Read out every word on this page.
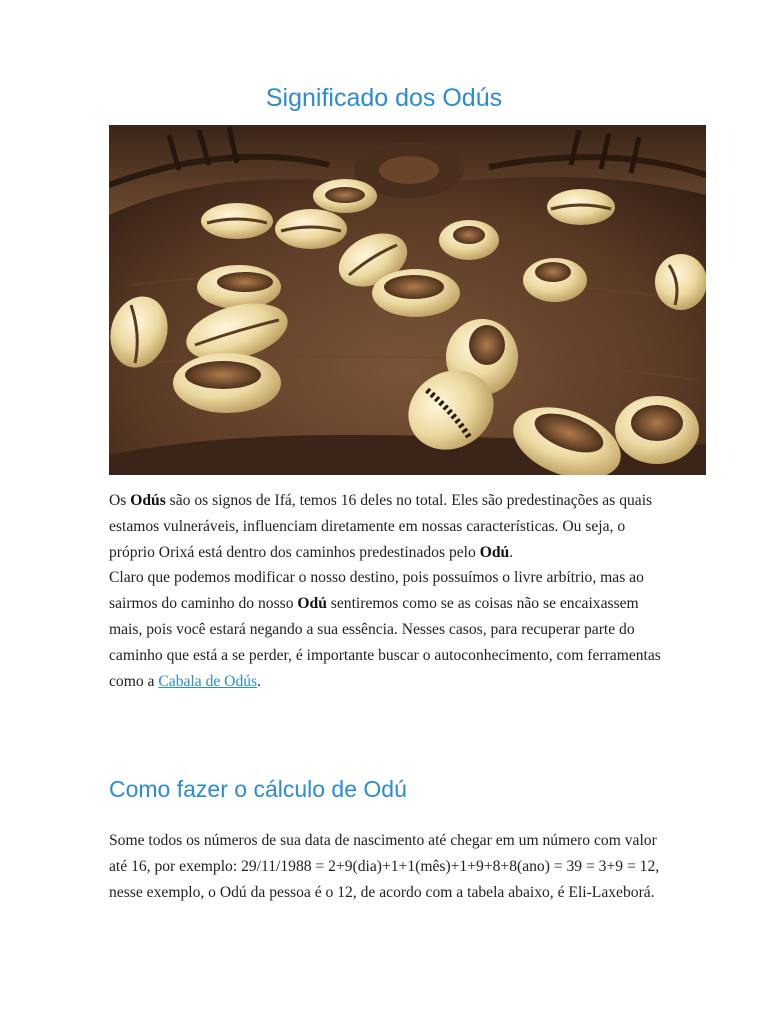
Significado dos Odús
Os Odús são os signos de Ifá, temos 16 deles no total. Eles são predestinações as quais estamos vulneráveis, influenciam diretamente em nossas características. Ou seja, o próprio Orixá está dentro dos caminhos predestinados pelo Odú.
Claro que podemos modificar o nosso destino, pois possuímos o livre arbítrio, mas ao sairmos do caminho do nosso Odú sentiremos como se as coisas não se encaixassem mais, pois você estará negando a sua essência. Nesses casos, para recuperar parte do caminho que está a se perder, é importante buscar o autoconhecimento, com ferramentas como a Cabala de Odús.
Como fazer o cálculo de Odú

Some todos os números de sua data de nascimento até chegar em um número com valor até 16, por exemplo: 29/11/1988 = 2+9(dia)+1+1(mês)+1+9+8+8(ano) = 39 = 3+9 = 12, nesse exemplo, o Odú da pessoa é o 12, de acordo com a tabela abaixo, é Eli-Laxeborá.
